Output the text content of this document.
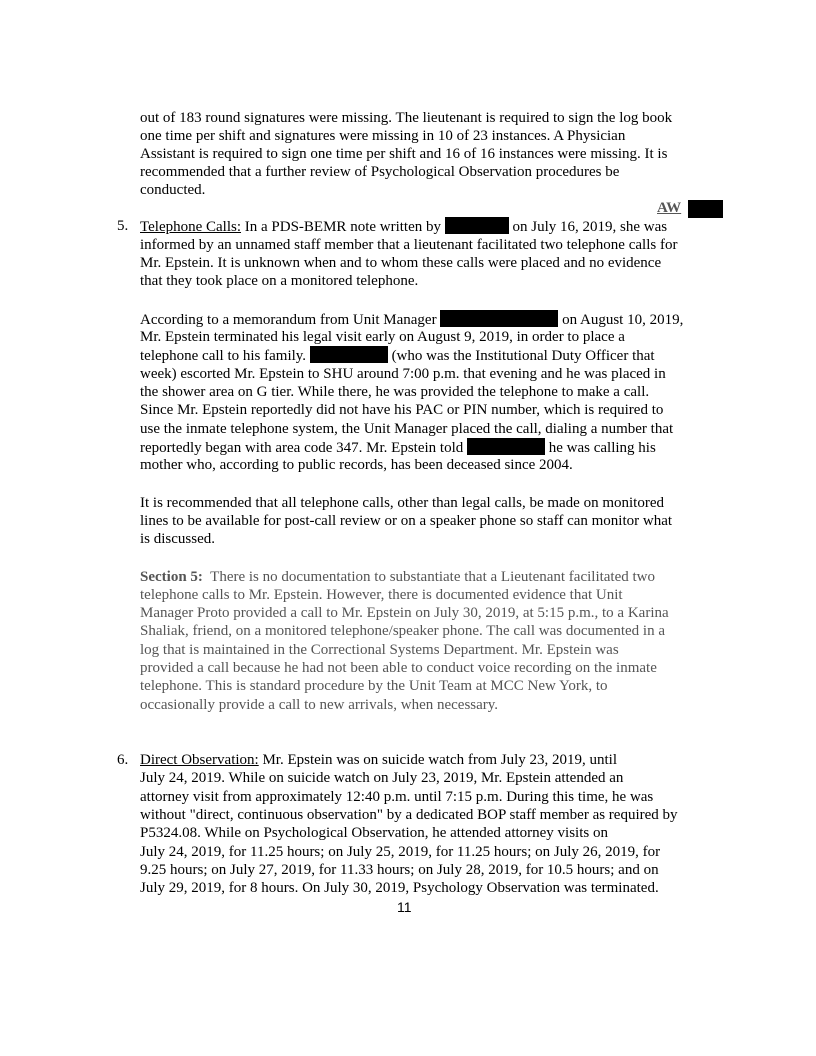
out of 183 round signatures were missing. The lieutenant is required to sign the log book
one time per shift and signatures were missing in 10 of 23 instances. A Physician
Assistant is required to sign one time per shift and 16 of 16 instances were missing. It is
recommended that a further review of Psychological Observation procedures be
conducted.
AW
5. Telephone Calls: In a PDS-BEMR note written by	on July 16, 2019, she was
informed by an unnamed staff member that a lieutenant facilitated two telephone calls for
Mr. Epstein. It is unknown when and to whom these calls were placed and no evidence
that they took place on a monitored telephone.
According to a memorandum from Unit Manager	on August 10, 2019,
Mr. Epstein terminated his legal visit early on August 9, 2019, in order to place a
telephone call to his family.	(who was the Institutional Duty Officer that
week) escorted Mr. Epstein to SHU around 7:00 p.m. that evening and he was placed in
the shower area on G tier. While there, he was provided the telephone to make a call.
Since Mr. Epstein reportedly did not have his PAC or PIN number, which is required to
use the inmate telephone system, the Unit Manager placed the call, dialing a number that
reportedly began with area code 347. Mr. Epstein told	he was calling his
mother who, according to public records, has been deceased since 2004.
It is recommended that all telephone calls, other than legal calls, be made on monitored
lines to be available for post-call review or on a speaker phone so staff can monitor what
is discussed.
Section 5:  There is no documentation to substantiate that a Lieutenant facilitated two
telephone calls to Mr. Epstein. However, there is documented evidence that Unit
Manager Proto provided a call to Mr. Epstein on July 30, 2019, at 5:15 p.m., to a Karina
Shaliak, friend, on a monitored telephone/speaker phone. The call was documented in a
log that is maintained in the Correctional Systems Department. Mr. Epstein was
provided a call because he had not been able to conduct voice recording on the inmate
telephone. This is standard procedure by the Unit Team at MCC New York, to
occasionally provide a call to new arrivals, when necessary.
6. Direct Observation: Mr. Epstein was on suicide watch from July 23, 2019, until
July 24, 2019. While on suicide watch on July 23, 2019, Mr. Epstein attended an
attorney visit from approximately 12:40 p.m. until 7:15 p.m. During this time, he was
without "direct, continuous observation" by a dedicated BOP staff member as required by
P5324.08. While on Psychological Observation, he attended attorney visits on
July 24, 2019, for 11.25 hours; on July 25, 2019, for 11.25 hours; on July 26, 2019, for
9.25 hours; on July 27, 2019, for 11.33 hours; on July 28, 2019, for 10.5 hours; and on
July 29, 2019, for 8 hours. On July 30, 2019, Psychology Observation was terminated.
11
